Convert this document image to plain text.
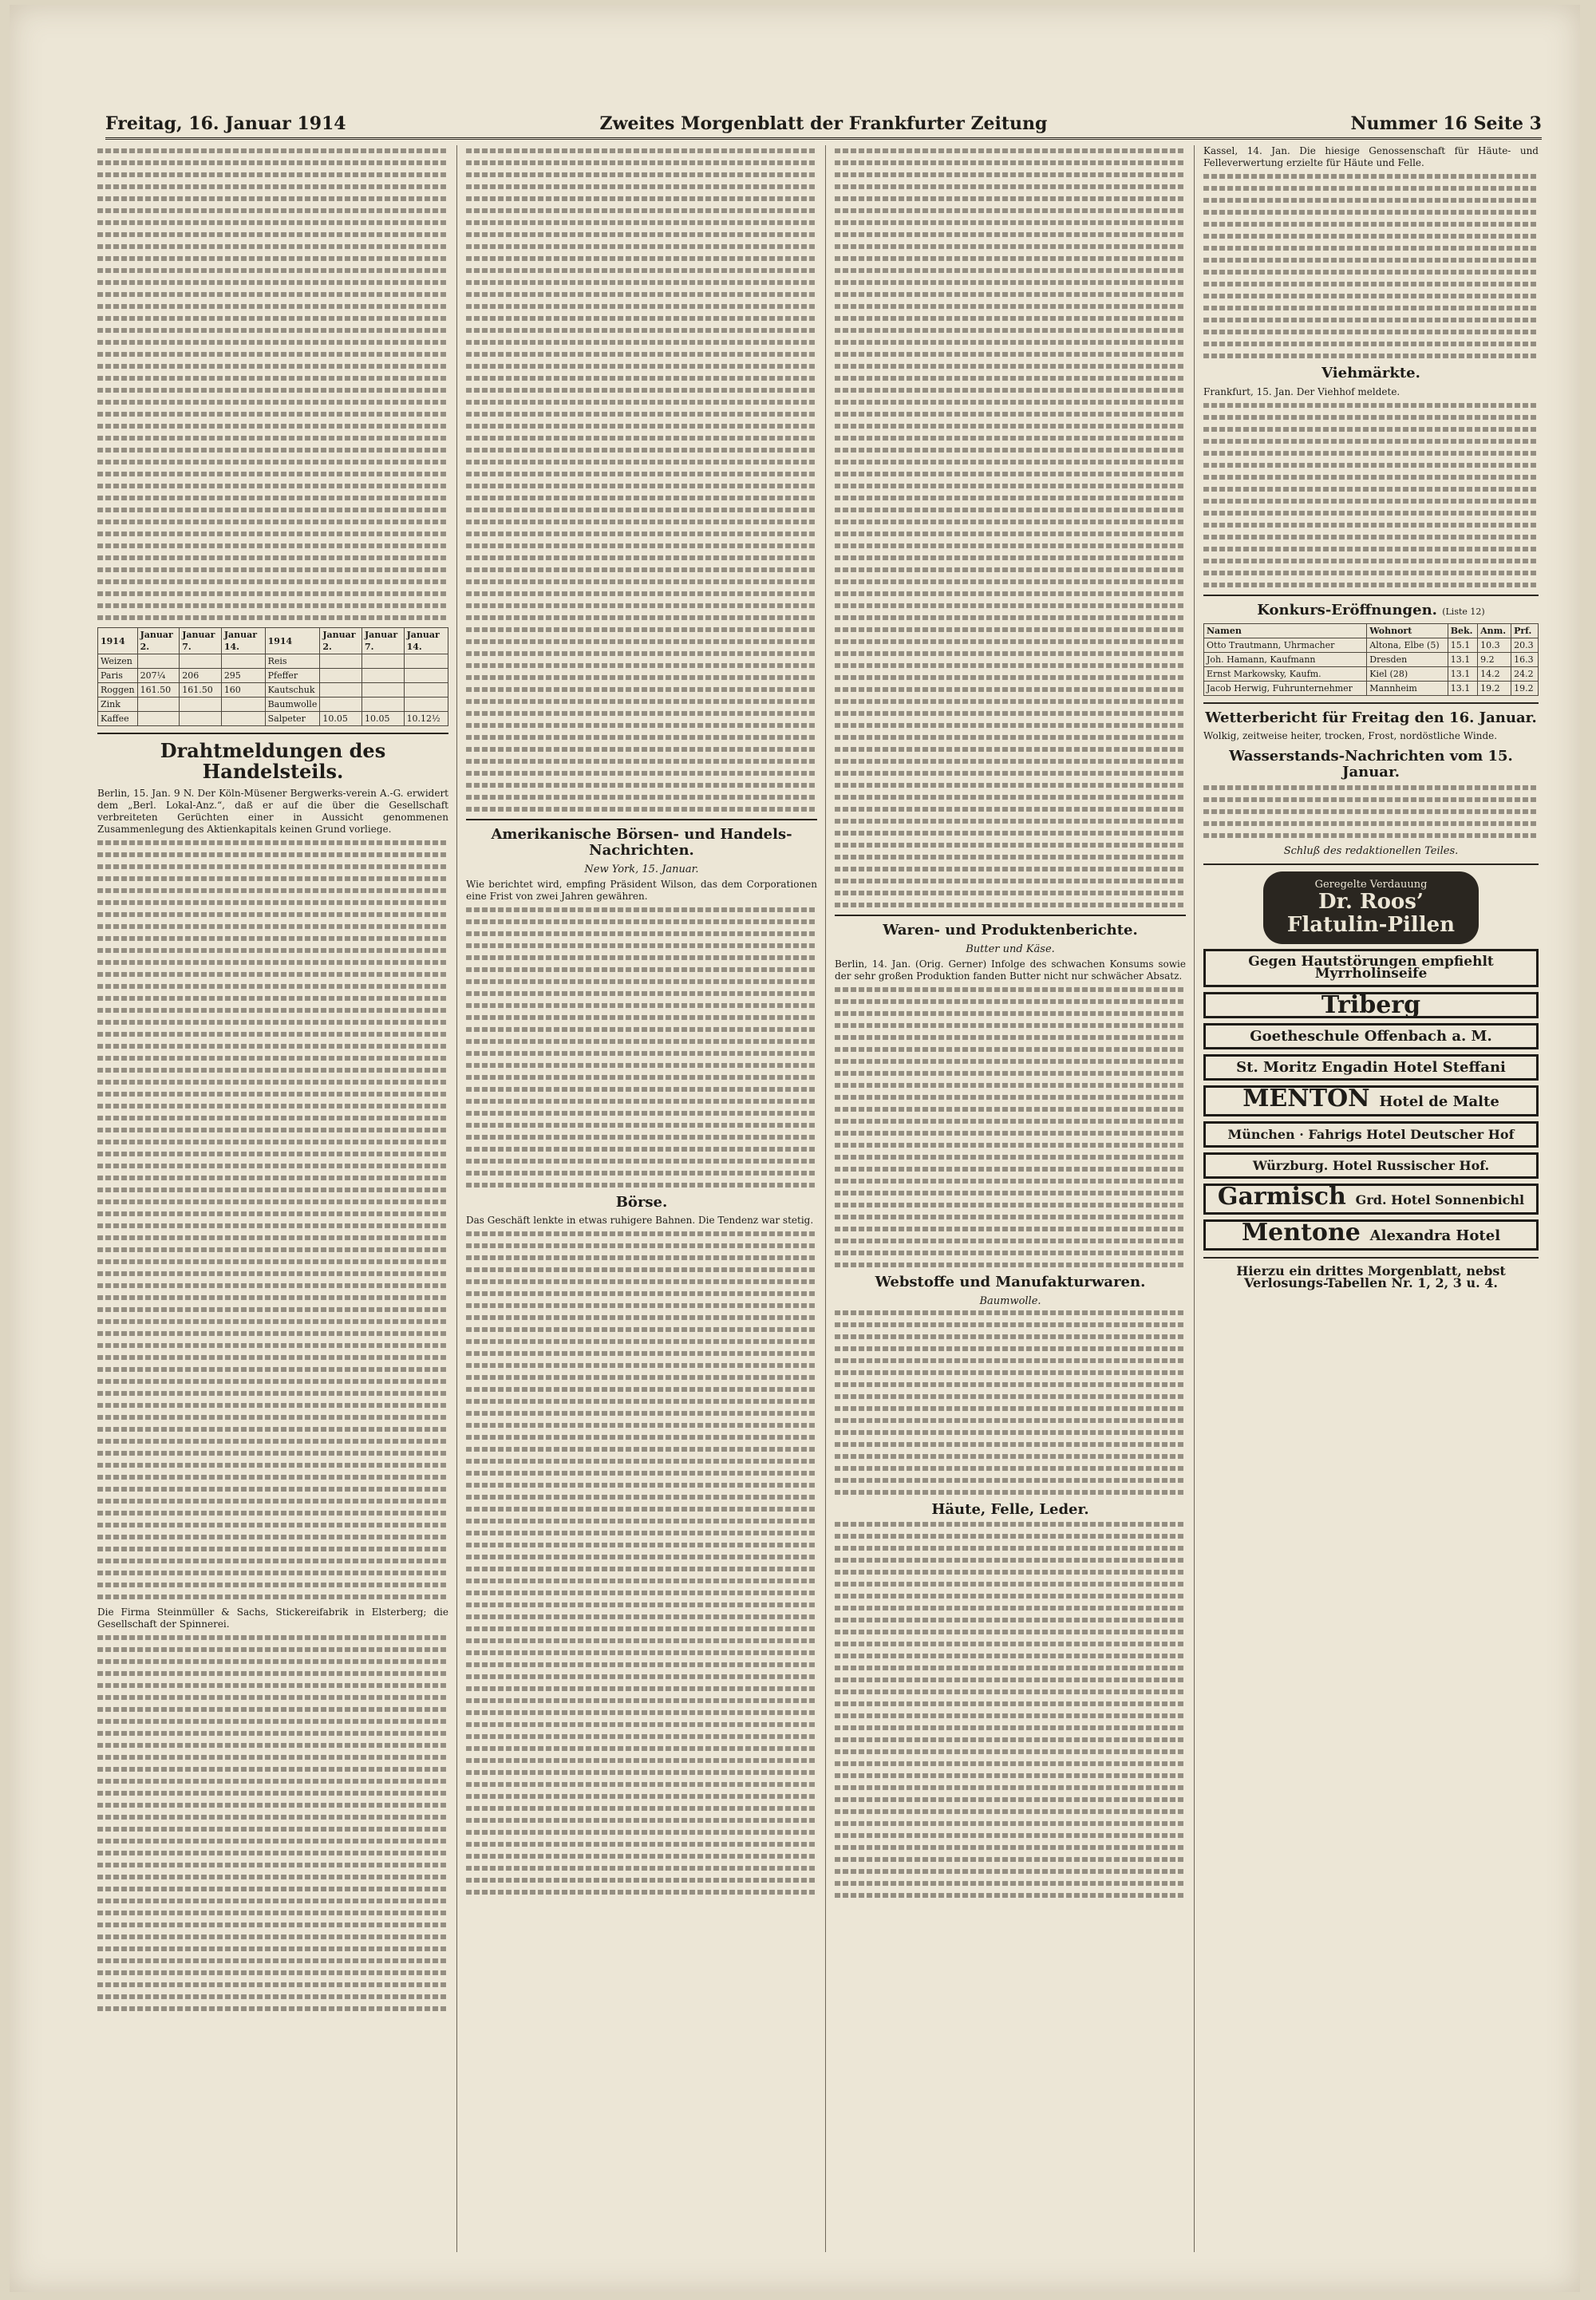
Freitag, 16. Januar 1914	Zweites Morgenblatt der Frankfurter Zeitung	Nummer 16 Seite 3
1914	Januar 2.	Januar 7.	Januar 14.	1914	Januar 2.	Januar 7.	Januar 14.
Weizen				Reis			
Paris	207¼	206	295	Pfeffer			
Roggen	161.50	161.50	160	Kautschuk			
Zink				Baumwolle			
Kaffee				Salpeter	10.05	10.05	10.12½
Drahtmeldungen des Handelsteils.

Berlin, 15. Jan. 9 N. Der Köln-Müsener Bergwerks-verein A.-G. erwidert dem „Berl. Lokal-Anz.“, daß er auf die über die Gesellschaft verbreiteten Gerüchten einer in Aussicht genommenen Zusammenlegung des Aktienkapitals keinen Grund vorliege.

Die Firma Steinmüller & Sachs, Stickereifabrik in Elsterberg; die Gesellschaft der Spinnerei.

Amerikanische Börsen- und Handels-Nachrichten.
New York, 15. Januar.

Wie berichtet wird, empfing Präsident Wilson, das dem Corporationen eine Frist von zwei Jahren gewähren.

Börse.

Das Geschäft lenkte in etwas ruhigere Bahnen. Die Tendenz war stetig.

Waren- und Produktenberichte.
Butter und Käse.

Berlin, 14. Jan. (Orig. Gerner) Infolge des schwachen Konsums sowie der sehr großen Produktion fanden Butter nicht nur schwächer Absatz.

Webstoffe und Manufakturwaren.
Baumwolle.
Häute, Felle, Leder.

Kassel, 14. Jan. Die hiesige Genossenschaft für Häute- und Felleverwertung erzielte für Häute und Felle.

Viehmärkte.

Frankfurt, 15. Jan. Der Viehhof meldete.

Konkurs-Eröffnungen. (Liste 12)
Namen	Wohnort	Bek.	Anm.	Prf.
Otto Trautmann, Uhrmacher	Altona, Elbe (5)	15.1	10.3	20.3
Joh. Hamann, Kaufmann	Dresden	13.1	9.2	16.3
Ernst Markowsky, Kaufm.	Kiel (28)	13.1	14.2	24.2
Jacob Herwig, Fuhrunternehmer	Mannheim	13.1	19.2	19.2
Wetterbericht für Freitag den 16. Januar.

Wolkig, zeitweise heiter, trocken, Frost, nordöstliche Winde.

Wasserstands-Nachrichten vom 15. Januar.
Schluß des redaktionellen Teiles.
Geregelte Verdauung
Dr. Roos’ Flatulin-Pillen
Gegen Hautstörungen empfiehlt Myrrholinseife
Triberg
Goetheschule Offenbach a. M.
St. Moritz Engadin Hotel Steffani
MENTON Hotel de Malte
München · Fahrigs Hotel Deutscher Hof
Würzburg. Hotel Russischer Hof.
Garmisch Grd. Hotel Sonnenbichl
Mentone Alexandra Hotel
Hierzu ein drittes Morgenblatt, nebst Verlosungs-Tabellen Nr. 1, 2, 3 u. 4.
